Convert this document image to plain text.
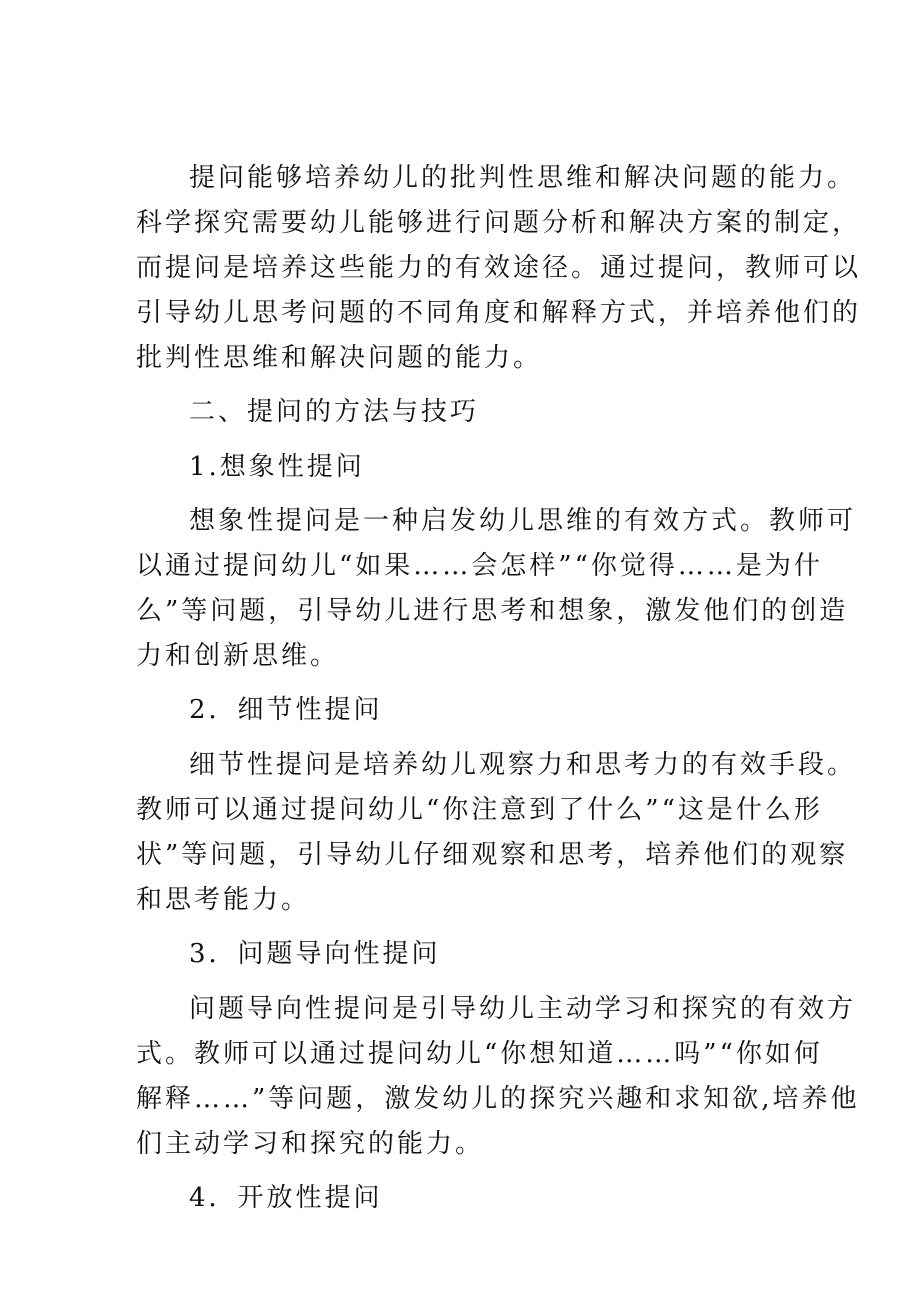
提问能够培养幼儿的批判性思维和解决问题的能力。
科学探究需要幼儿能够进行问题分析和解决方案的制定，
而提问是培养这些能力的有效途径。通过提问，教师可以
引导幼儿思考问题的不同角度和解释方式，并培养他们的
批判性思维和解决问题的能力。
二、提问的方法与技巧
1.想象性提问
想象性提问是一种启发幼儿思维的有效方式。教师可
以通过提问幼儿“如果……会怎样”“你觉得……是为什
么”等问题，引导幼儿进行思考和想象，激发他们的创造
力和创新思维。
2．细节性提问
细节性提问是培养幼儿观察力和思考力的有效手段。
教师可以通过提问幼儿“你注意到了什么”“这是什么形
状”等问题，引导幼儿仔细观察和思考，培养他们的观察
和思考能力。
3．问题导向性提问
问题导向性提问是引导幼儿主动学习和探究的有效方
式。教师可以通过提问幼儿“你想知道……吗”“你如何
解释……”等问题，激发幼儿的探究兴趣和求知欲,培养他
们主动学习和探究的能力。
4．开放性提问
